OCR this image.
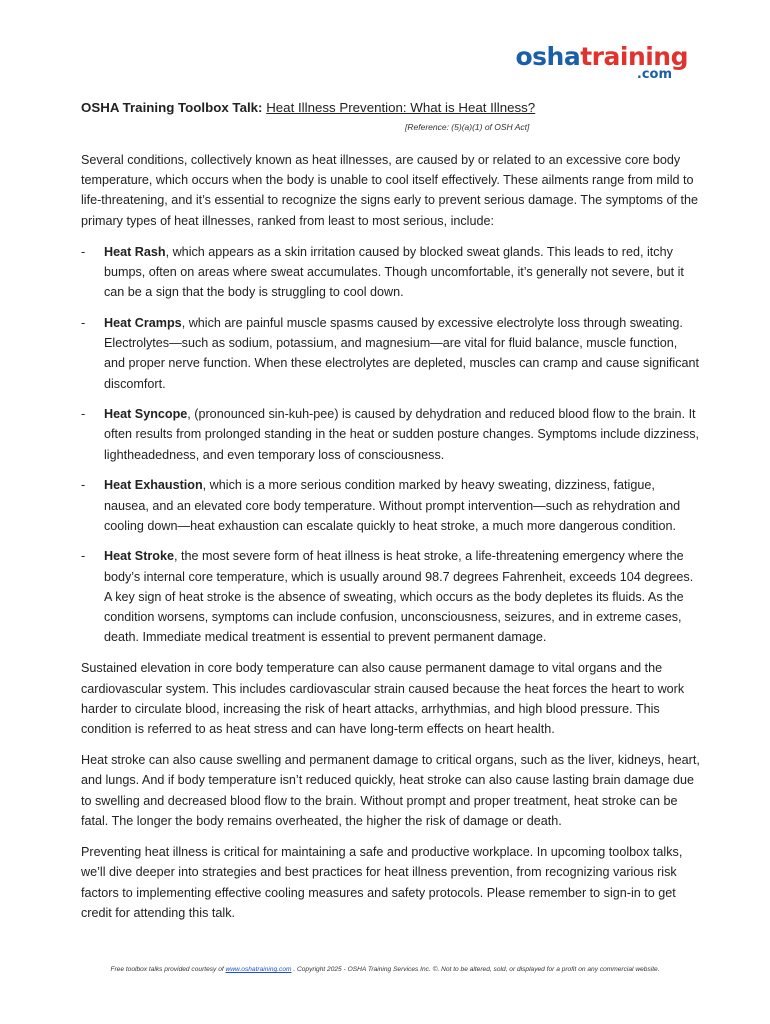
oshatraining
.com
OSHA Training Toolbox Talk: Heat Illness Prevention: What is Heat Illness?
[Reference: (5)(a)(1) of OSH Act]

Several conditions, collectively known as heat illnesses, are caused by or related to an excessive core body temperature, which occurs when the body is unable to cool itself effectively. These ailments range from mild to life-threatening, and it’s essential to recognize the signs early to prevent serious damage. The symptoms of the primary types of heat illnesses, ranked from least to most serious, include:

- Heat Rash, which appears as a skin irritation caused by blocked sweat glands. This leads to red, itchy bumps, often on areas where sweat accumulates. Though uncomfortable, it’s generally not severe, but it can be a sign that the body is struggling to cool down.
- Heat Cramps, which are painful muscle spasms caused by excessive electrolyte loss through sweating. Electrolytes—such as sodium, potassium, and magnesium—are vital for fluid balance, muscle function, and proper nerve function. When these electrolytes are depleted, muscles can cramp and cause significant discomfort.
- Heat Syncope, (pronounced sin-kuh-pee) is caused by dehydration and reduced blood flow to the brain. It often results from prolonged standing in the heat or sudden posture changes. Symptoms include dizziness, lightheadedness, and even temporary loss of consciousness.
- Heat Exhaustion, which is a more serious condition marked by heavy sweating, dizziness, fatigue, nausea, and an elevated core body temperature. Without prompt intervention—such as rehydration and cooling down—heat exhaustion can escalate quickly to heat stroke, a much more dangerous condition.
- Heat Stroke, the most severe form of heat illness is heat stroke, a life-threatening emergency where the body’s internal core temperature, which is usually around 98.7 degrees Fahrenheit, exceeds 104 degrees. A key sign of heat stroke is the absence of sweating, which occurs as the body depletes its fluids. As the condition worsens, symptoms can include confusion, unconsciousness, seizures, and in extreme cases, death. Immediate medical treatment is essential to prevent permanent damage.

Sustained elevation in core body temperature can also cause permanent damage to vital organs and the cardiovascular system. This includes cardiovascular strain caused because the heat forces the heart to work harder to circulate blood, increasing the risk of heart attacks, arrhythmias, and high blood pressure. This condition is referred to as heat stress and can have long-term effects on heart health.

Heat stroke can also cause swelling and permanent damage to critical organs, such as the liver, kidneys, heart, and lungs. And if body temperature isn’t reduced quickly, heat stroke can also cause lasting brain damage due to swelling and decreased blood flow to the brain. Without prompt and proper treatment, heat stroke can be fatal. The longer the body remains overheated, the higher the risk of damage or death.

Preventing heat illness is critical for maintaining a safe and productive workplace. In upcoming toolbox talks, we’ll dive deeper into strategies and best practices for heat illness prevention, from recognizing various risk factors to implementing effective cooling measures and safety protocols. Please remember to sign-in to get credit for attending this talk.

Free toolbox talks provided courtesy of www.oshatraining.com . Copyright 2025 - OSHA Training Services Inc. ©. Not to be altered, sold, or displayed for a profit on any commercial website.
